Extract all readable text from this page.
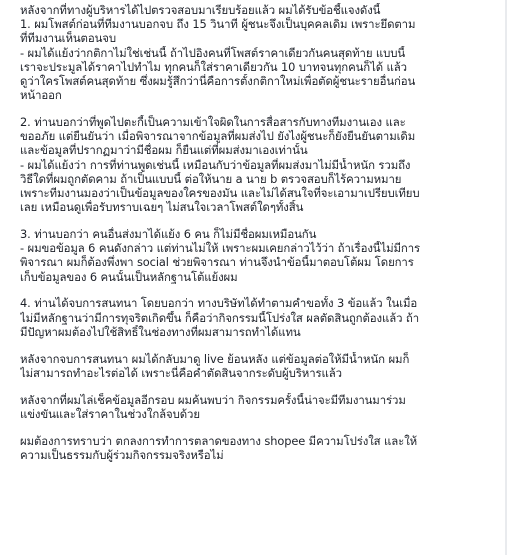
หลังจากที่ทางผู้บริหารได้ไปตรวจสอบมาเรียบร้อยแล้ว ผมได้รับข้อชี้แจงดังนี้
1. ผมโพสต์ก่อนที่ทีมงานบอกจบ ถึง 15 วินาที ผู้ชนะจึงเป็นบุคคลเดิม เพราะยึดตาม
ที่ทีมงานเห็นตอนจบ
- ผมได้แย้งว่ากติกาไม่ใช่เช่นนี้ ถ้าไปอิงคนที่โพสต์ราคาเดียวกันคนสุดท้าย แบบนี้
เราจะประมูลได้ราคาไปทำไม ทุกคนก็ใส่ราคาเดียวกัน 10 บาทจนทุกคนก็ได้ แล้ว
ดูว่าใครโพสต์คนสุดท้าย ซึ่งผมรู้สึกว่านี่คือการตั้งกติกาใหม่เพื่อตัดผู้ชนะรายอื่นก่อน
หน้าออก
2. ท่านบอกว่าที่พูดไปตะกี้เป็นความเข้าใจผิดในการสื่อสารกับทางทีมงานเอง และ
ขออภัย แต่ยืนยันว่า เมื่อพิจารณาจากข้อมูลที่ผมส่งไป ยังไงผู้ชนะก็ยังยืนยันตามเดิม
และข้อมูลที่ปรากฏมาว่ามีชื่อผม ก็ยืนแต่ที่ผมส่งมาเองเท่านั้น
- ผมได้แย้งว่า การที่ท่านพูดเช่นนี้ เหมือนกับว่าข้อมูลที่ผมส่งมาไม่มีน้ำหนัก รวมถึง
วิธีใดที่ผมถูกตัดคาม ถ้าเป็นแบบนี้ ต่อให้นาย a นาย b ตรวจสอบก็ไร้ความหมาย
เพราะทีมงานมองว่าเป็นข้อมูลของใครของมัน และไม่ได้สนใจที่จะเอามาเปรียบเทียบ
เลย เหมือนดูเพื่อรับทราบเฉยๆ ไม่สนใจเวลาโพสต์ใดๆทั้งสิ้น
3. ท่านบอกว่า คนอื่นส่งมาได้แย้ง 6 คน ก็ไม่มีชื่อผมเหมือนกัน
- ผมขอข้อมูล 6 คนดังกล่าว แต่ท่านไม่ให้ เพราะผมเคยกล่าวไว้ว่า ถ้าเรื่องนี้ไม่มีการ
พิจารณา ผมก็ต้องพึ่งพา social ช่วยพิจารณา ท่านจึงนำข้อนี้มาตอบโต้ผม โดยการ
เก็บข้อมูลของ 6 คนนั้นเป็นหลักฐานโต้แย้งผม
4. ท่านได้จบการสนทนา โดยบอกว่า ทางบริษัทได้ทำตามคำขอทั้ง 3 ข้อแล้ว ในเมื่อ
ไม่มีหลักฐานว่ามีการทุจริตเกิดขึ้น ก็คือว่ากิจกรรมนี้โปร่งใส ผลตัดสินถูกต้องแล้ว ถ้า
มีปัญหาผมต้องไปใช้สิทธิ์ในช่องทางที่ผมสามารถทำได้แทน
หลังจากจบการสนทนา ผมได้กลับมาดู live ย้อนหลัง แต่ข้อมูลต่อให้มีน้ำหนัก ผมก็
ไม่สามารถทำอะไรต่อได้ เพราะนี่คือคำตัดสินจากระดับผู้บริหารแล้ว
หลังจากที่ผมไล่เช็คข้อมูลอีกรอบ ผมค้นพบว่า กิจกรรมครั้งนี้น่าจะมีทีมงานมาร่วม
แข่งขันและใส่ราคาในช่วงใกล้จบด้วย
ผมต้องการทราบว่า ตกลงการทำการตลาดของทาง shopee มีความโปร่งใส และให้
ความเป็นธรรมกับผู้ร่วมกิจกรรมจริงหรือไม่
